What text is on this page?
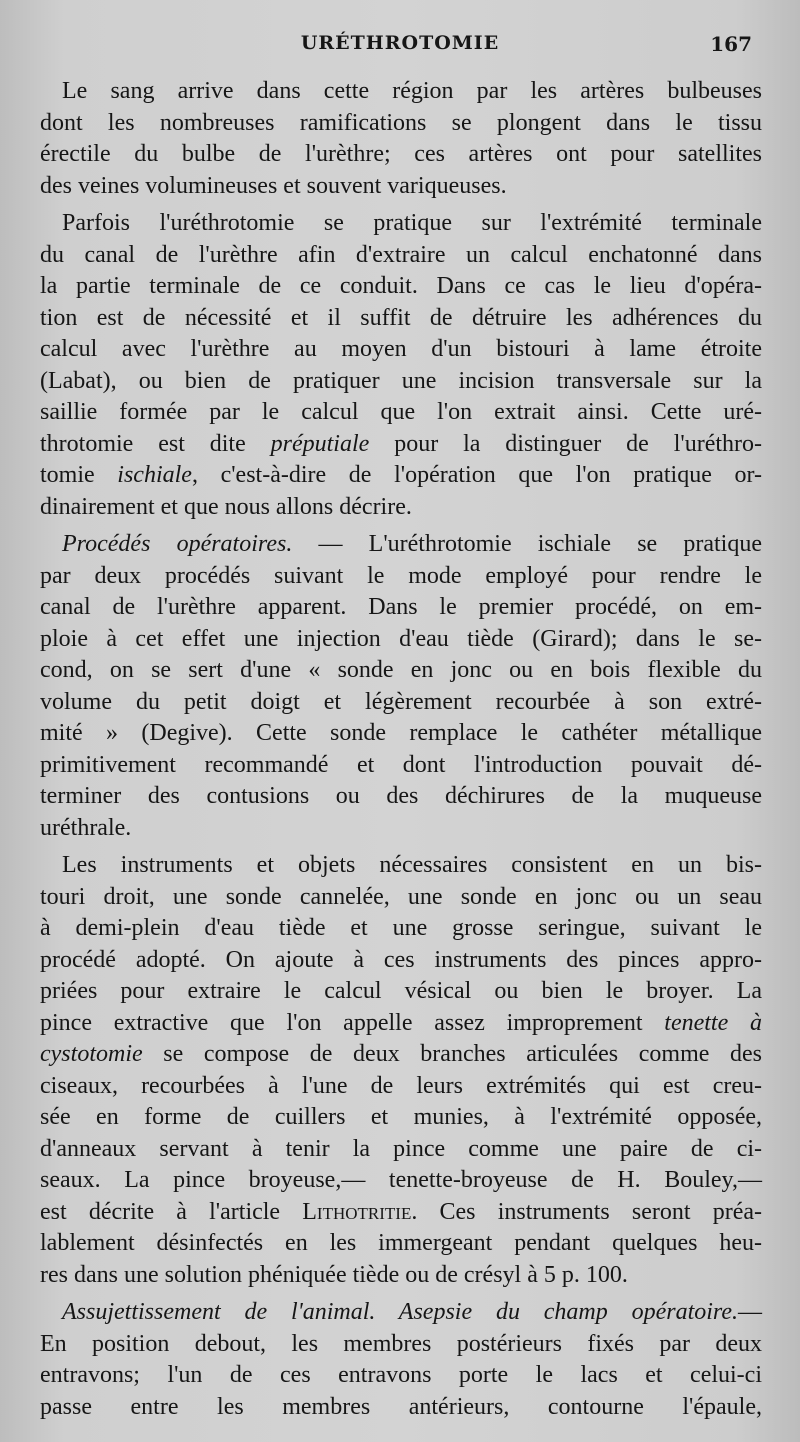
URÉTHROTOMIE	167
Le sang arrive dans cette région par les artères bulbeuses
dont les nombreuses ramifications se plongent dans le tissu
érectile du bulbe de l'urèthre; ces artères ont pour satellites
des veines volumineuses et souvent variqueuses.
Parfois l'uréthrotomie se pratique sur l'extrémité terminale
du canal de l'urèthre afin d'extraire un calcul enchatonné dans
la partie terminale de ce conduit. Dans ce cas le lieu d'opéra-
tion est de nécessité et il suffit de détruire les adhérences du
calcul avec l'urèthre au moyen d'un bistouri à lame étroite
(Labat), ou bien de pratiquer une incision transversale sur la
saillie formée par le calcul que l'on extrait ainsi. Cette uré-
throtomie est dite préputiale pour la distinguer de l'uréthro-
tomie ischiale, c'est-à-dire de l'opération que l'on pratique or-
dinairement et que nous allons décrire.
Procédés opératoires. — L'uréthrotomie ischiale se pratique
par deux procédés suivant le mode employé pour rendre le
canal de l'urèthre apparent. Dans le premier procédé, on em-
ploie à cet effet une injection d'eau tiède (Girard); dans le se-
cond, on se sert d'une « sonde en jonc ou en bois flexible du
volume du petit doigt et légèrement recourbée à son extré-
mité » (Degive). Cette sonde remplace le cathéter métallique
primitivement recommandé et dont l'introduction pouvait dé-
terminer des contusions ou des déchirures de la muqueuse
uréthrale.
Les instruments et objets nécessaires consistent en un bis-
touri droit, une sonde cannelée, une sonde en jonc ou un seau
à demi-plein d'eau tiède et une grosse seringue, suivant le
procédé adopté. On ajoute à ces instruments des pinces appro-
priées pour extraire le calcul vésical ou bien le broyer. La
pince extractive que l'on appelle assez improprement tenette à
cystotomie se compose de deux branches articulées comme des
ciseaux, recourbées à l'une de leurs extrémités qui est creu-
sée en forme de cuillers et munies, à l'extrémité opposée,
d'anneaux servant à tenir la pince comme une paire de ci-
seaux. La pince broyeuse,— tenette-broyeuse de H. Bouley,—
est décrite à l'article Lithotritie. Ces instruments seront préa-
lablement désinfectés en les immergeant pendant quelques heu-
res dans une solution phéniquée tiède ou de crésyl à 5 p. 100.
Assujettissement de l'animal. Asepsie du champ opératoire.—
En position debout, les membres postérieurs fixés par deux
entravons; l'un de ces entravons porte le lacs et celui-ci
passe entre les membres antérieurs, contourne l'épaule,
